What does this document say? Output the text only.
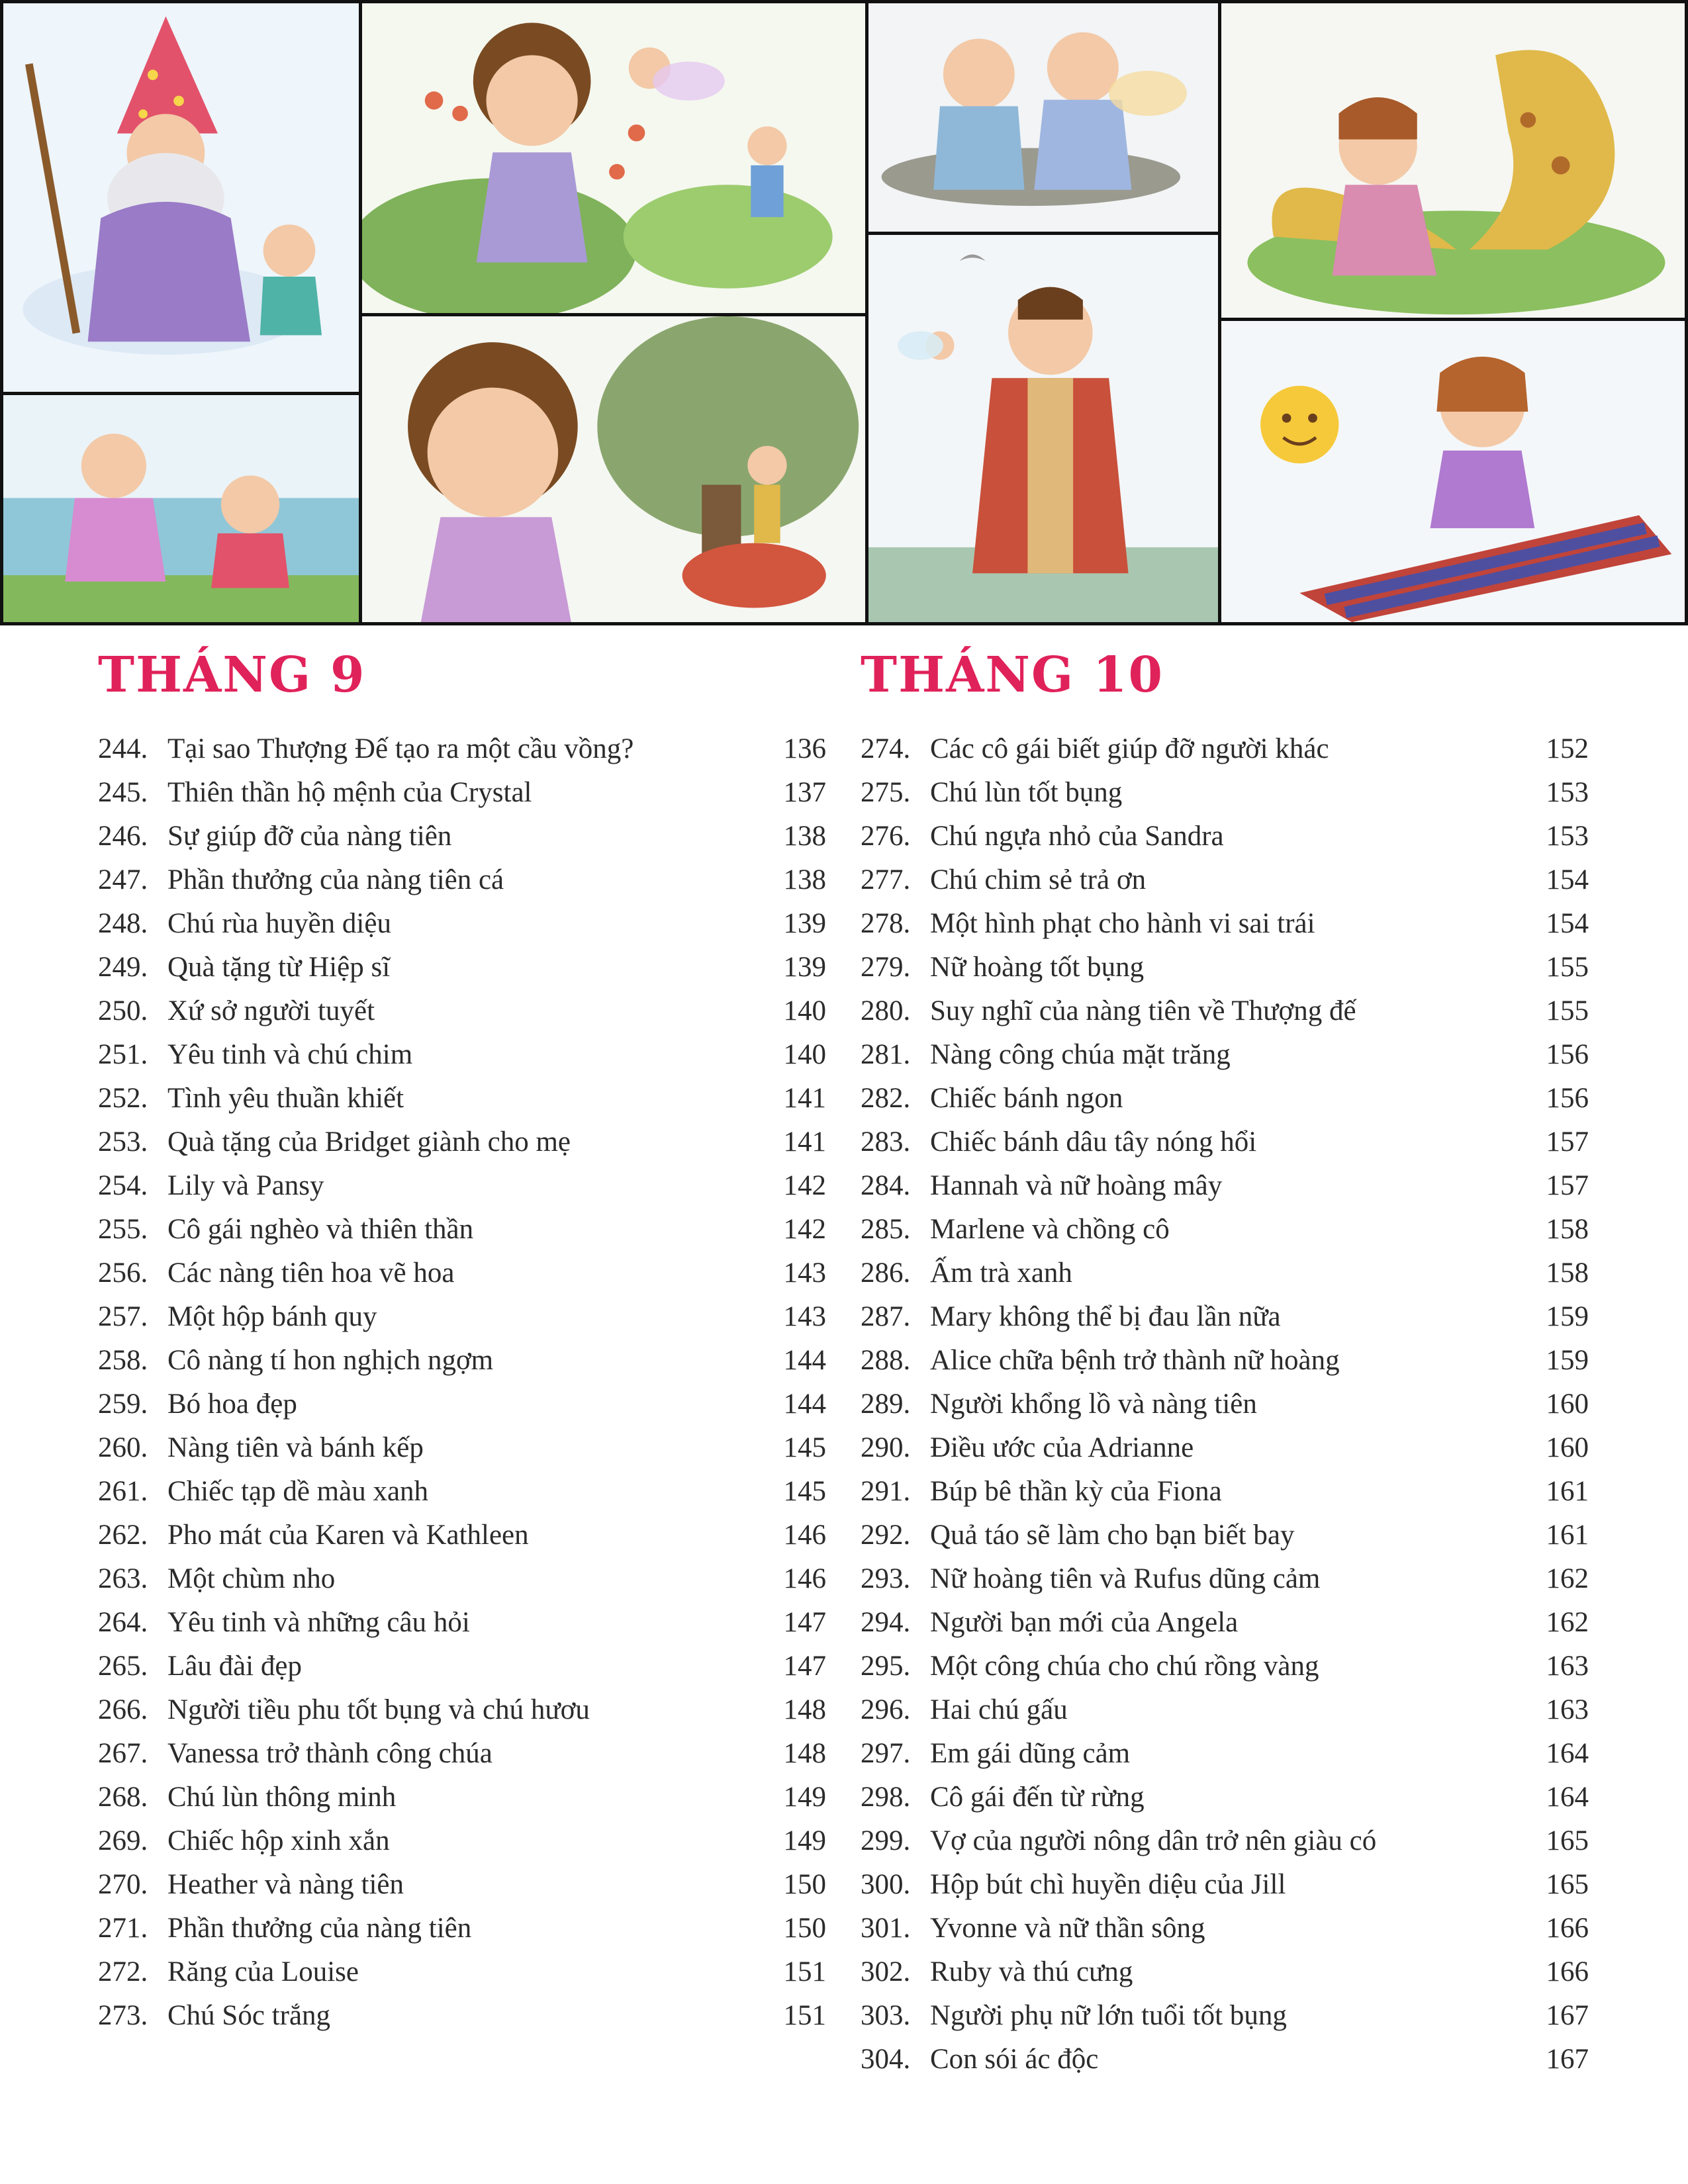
THÁNG 9
244. Tại sao Thượng Đế tạo ra một cầu vồng?	136
245. Thiên thần hộ mệnh của Crystal	137
246. Sự giúp đỡ của nàng tiên	138
247. Phần thưởng của nàng tiên cá	138
248. Chú rùa huyền diệu	139
249. Quà tặng từ Hiệp sĩ	139
250. Xứ sở người tuyết	140
251. Yêu tinh và chú chim	140
252. Tình yêu thuần khiết	141
253. Quà tặng của Bridget giành cho mẹ	141
254. Lily và Pansy	142
255. Cô gái nghèo và thiên thần	142
256. Các nàng tiên hoa vẽ hoa	143
257. Một hộp bánh quy	143
258. Cô nàng tí hon nghịch ngợm	144
259. Bó hoa đẹp	144
260. Nàng tiên và bánh kếp	145
261. Chiếc tạp dề màu xanh	145
262. Pho mát của Karen và Kathleen	146
263. Một chùm nho	146
264. Yêu tinh và những câu hỏi	147
265. Lâu đài đẹp	147
266. Người tiều phu tốt bụng và chú hươu	148
267. Vanessa trở thành công chúa	148
268. Chú lùn thông minh	149
269. Chiếc hộp xinh xắn	149
270. Heather và nàng tiên	150
271. Phần thưởng của nàng tiên	150
272. Răng của Louise	151
273. Chú Sóc trắng	151
THÁNG 10
274. Các cô gái biết giúp đỡ người khác	152
275. Chú lùn tốt bụng	153
276. Chú ngựa nhỏ của Sandra	153
277. Chú chim sẻ trả ơn	154
278. Một hình phạt cho hành vi sai trái	154
279. Nữ hoàng tốt bụng	155
280. Suy nghĩ của nàng tiên về Thượng đế	155
281. Nàng công chúa mặt trăng	156
282. Chiếc bánh ngon	156
283. Chiếc bánh dâu tây nóng hổi	157
284. Hannah và nữ hoàng mây	157
285. Marlene và chồng cô	158
286. Ấm trà xanh	158
287. Mary không thể bị đau lần nữa	159
288. Alice chữa bệnh trở thành nữ hoàng	159
289. Người khổng lồ và nàng tiên	160
290. Điều ước của Adrianne	160
291. Búp bê thần kỳ của Fiona	161
292. Quả táo sẽ làm cho bạn biết bay	161
293. Nữ hoàng tiên và Rufus dũng cảm	162
294. Người bạn mới của Angela	162
295. Một công chúa cho chú rồng vàng	163
296. Hai chú gấu	163
297. Em gái dũng cảm	164
298. Cô gái đến từ rừng	164
299. Vợ của người nông dân trở nên giàu có	165
300. Hộp bút chì huyền diệu của Jill	165
301. Yvonne và nữ thần sông	166
302. Ruby và thú cưng	166
303. Người phụ nữ lớn tuổi tốt bụng	167
304. Con sói ác độc	167
